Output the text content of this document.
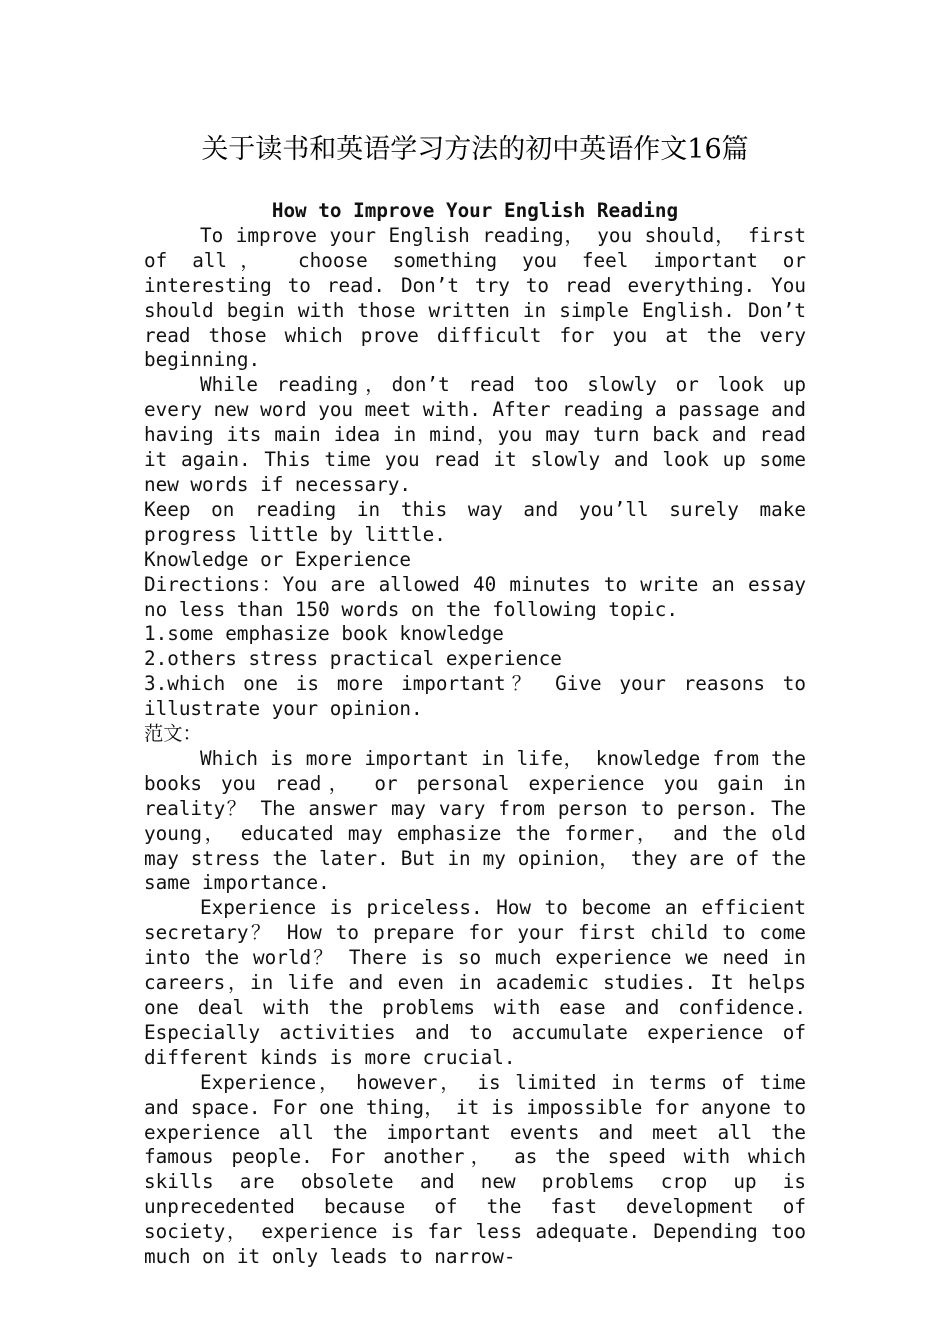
关于读书和英语学习方法的初中英语作文16篇

How to Improve Your English Reading

To improve your English reading， you should， first of all， choose something you feel important or interesting to read. Don’t try to read everything. You should begin with those written in simple English. Don’t read those which prove difficult for you at the very beginning.

While reading，don’t read too slowly or look up every new word you meet with. After reading a passage and having its main idea in mind，you may turn back and read it again. This time you read it slowly and look up some new words if necessary.

Keep on reading in this way and you’ll surely make progress little by little.

Knowledge or Experience

Directions：You are allowed 40 minutes to write an essay no less than 150 words on the following topic.

1.some emphasize book knowledge

2.others stress practical experience

3.which one is more important？ Give your reasons to illustrate your opinion.

范文：

Which is more important in life， knowledge from the books you read， or personal experience you gain in reality？ The answer may vary from person to person. The young， educated may emphasize the former， and the old may stress the later. But in my opinion， they are of the same importance.

Experience is priceless. How to become an efficient secretary？ How to prepare for your first child to come into the world？ There is so much experience we need in careers，in life and even in academic studies. It helps one deal with the problems with ease and confidence. Especially activities and to accumulate experience of different kinds is more crucial.

Experience， however， is limited in terms of time and space. For one thing， it is impossible for anyone to experience all the important events and meet all the famous people. For another， as the speed with which skills are obsolete and new problems crop up is unprecedented because of the fast development of society， experience is far less adequate. Depending too much on it only leads to narrow-
